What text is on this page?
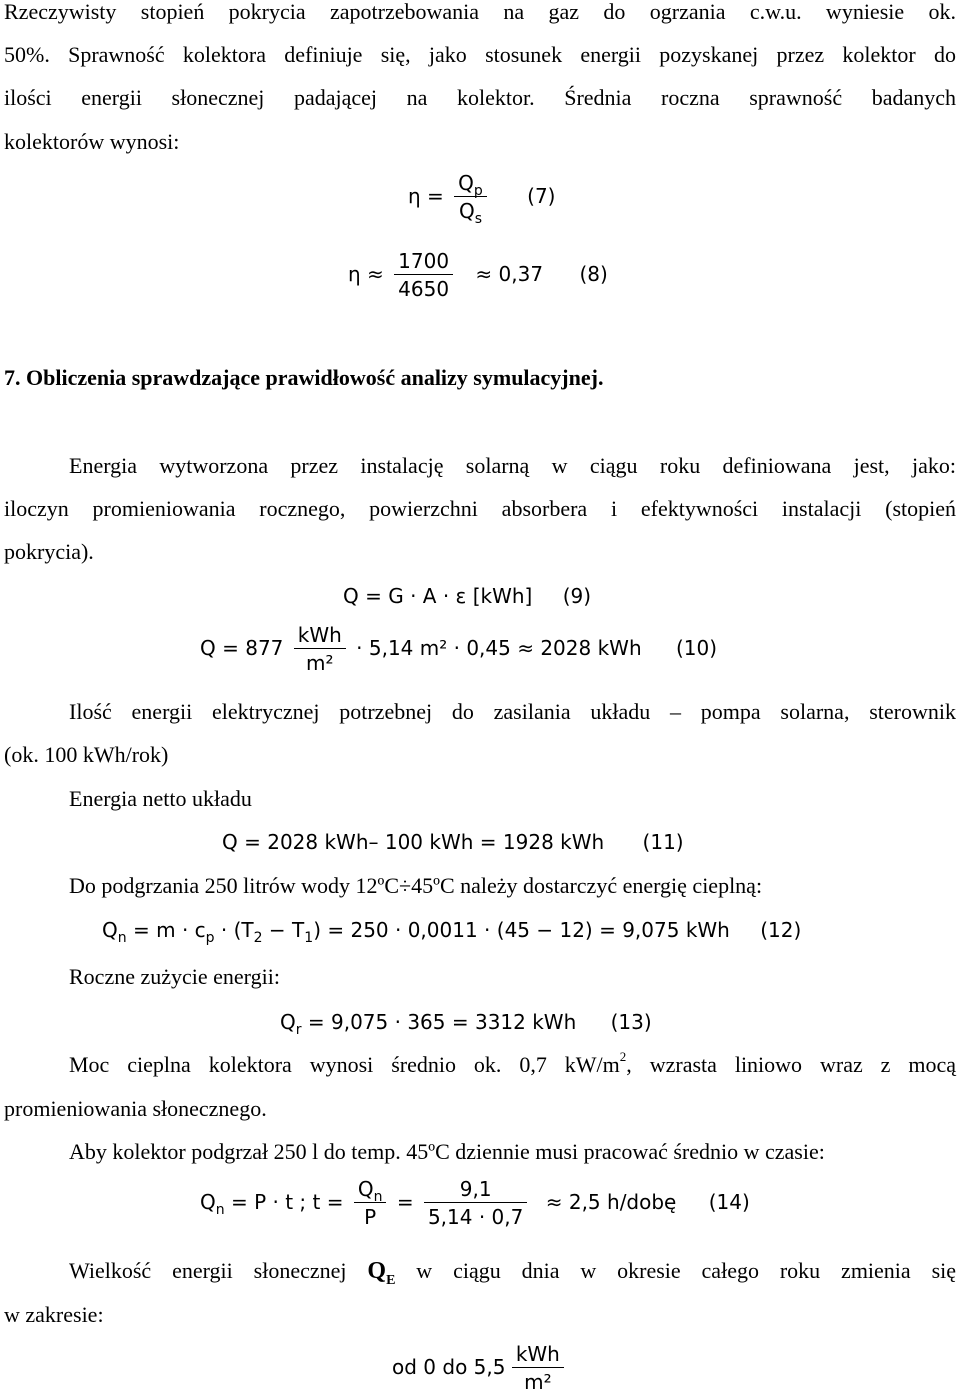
Rzeczywisty stopień pokrycia zapotrzebowania na gaz do ogrzania c.w.u. wyniesie ok.
50%. Sprawność kolektora definiuje się, jako stosunek energii pozyskanej przez kolektor do
ilości energii słonecznej padającej na kolektor. Średnia roczna sprawność badanych
kolektorów wynosi:
$\eta = \frac{Q_p}{Q_s} (7)$
$\eta \approx \frac{1700}{4650} \approx 0,37$ (8)
7. Obliczenia sprawdzające prawidłowość analizy symulacyjnej.
Energia wytworzona przez instalację solarną w ciągu roku definiowana jest, jako:
iloczyn promieniowania rocznego, powierzchni absorbera i efektywności instalacji (stopień
pokrycia).
Q = G · A · ε [kWh] (9)
$Q = 877 \frac{\text{kWh}}{\text{m²}} \cdot 5,14$ m² · 0,45 ≈ 2028 kWh (10)
Ilość energii elektrycznej potrzebnej do zasilania układu – pompa solarna, sterownik
(ok. 100 kWh/rok)
Energia netto układu
Q = 2028 kWh– 100 kWh = 1928 kWh (11)
Do podgrzania 250 litrów wody 12ºC÷45ºC należy dostarczyć energię cieplną:
$Q_n = m \cdot c_p \cdot (T_2 - T_1) = 250 \cdot 0,0011 \cdot (45 - 12) = 9,075$ kWh (12)
Roczne zużycie energii:
$Q_r = 9,075 \cdot 365 = 3312$ kWh (13)
Moc cieplna kolektora wynosi średnio ok. 0,7 $kW/m^2$, wzrasta liniowo wraz z mocą
promieniowania słonecznego.
Aby kolektor podgrzał 250 l do temp. 45ºC dziennie musi pracować średnio w czasie:
$Q_n = P \cdot t$ ; $t = \frac{Q_n}{P} = \frac{9,1}{5,14 \cdot 0,7} \approx 2,5$ h/dobę (14)
Wielkość energii słonecznej $Q_E$ w ciągu dnia w okresie całego roku zmienia się
w zakresie:
od 0 do $5,5 \frac{\text{kWh}}{\text{m²}}$
